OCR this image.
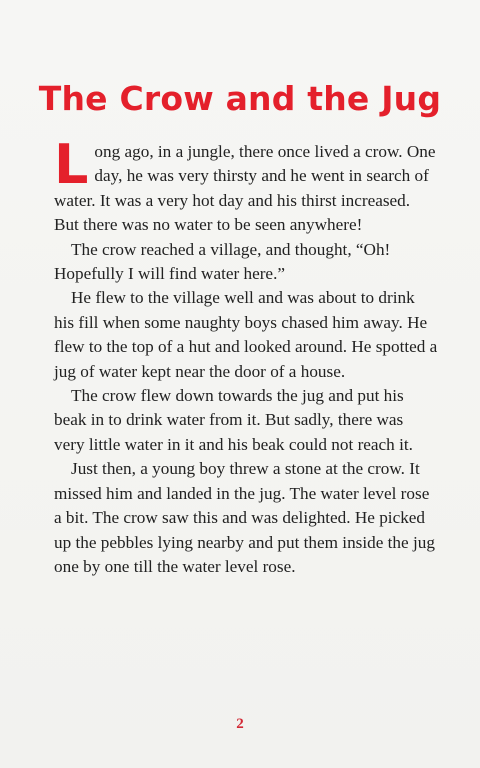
The Crow and the Jug

Long ago, in a jungle, there once lived a crow. One day, he was very thirsty and he went in search of water. It was a very hot day and his thirst increased. But there was no water to be seen anywhere!

The crow reached a village, and thought, “Oh! Hopefully I will find water here.”

He flew to the village well and was about to drink his fill when some naughty boys chased him away. He flew to the top of a hut and looked around. He spotted a jug of water kept near the door of a house.

The crow flew down towards the jug and put his beak in to drink water from it. But sadly, there was very little water in it and his beak could not reach it.

Just then, a young boy threw a stone at the crow. It missed him and landed in the jug. The water level rose a bit. The crow saw this and was delighted. He picked up the pebbles lying nearby and put them inside the jug one by one till the water level rose.

2
